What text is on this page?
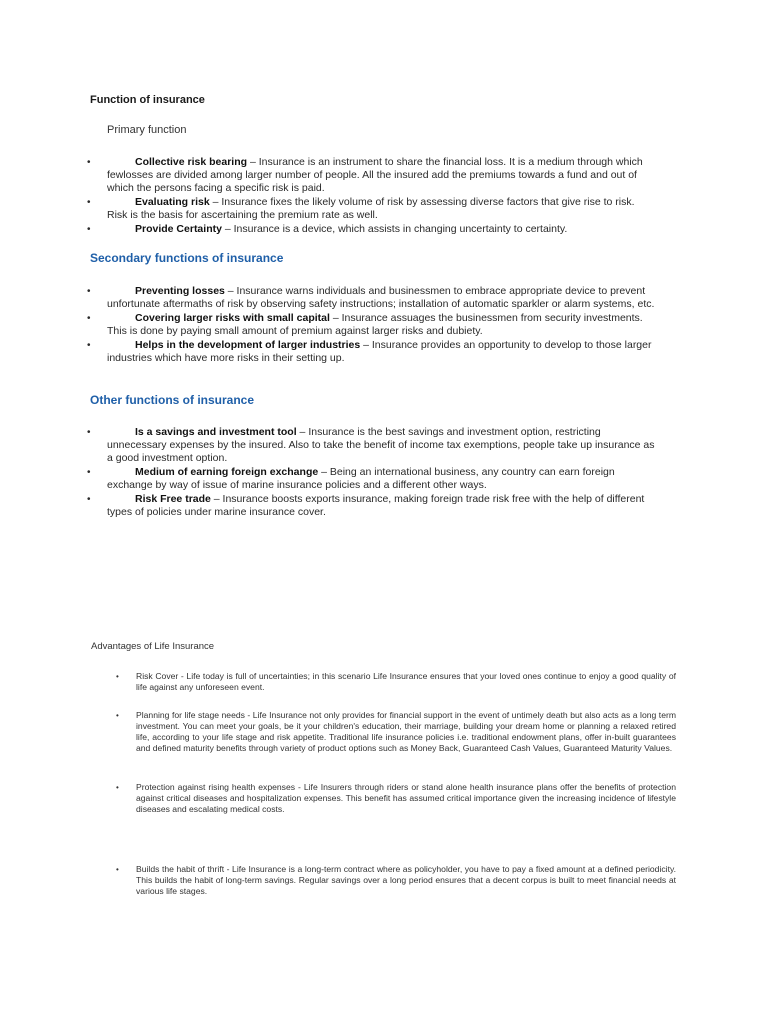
Function of insurance
Primary function
•	Collective risk bearing – Insurance is an instrument to share the financial loss. It is a medium through which fewlosses are divided among larger number of people. All the insured add the premiums towards a fund and out of which the persons facing a specific risk is paid.
•	Evaluating risk – Insurance fixes the likely volume of risk by assessing diverse factors that give rise to risk. Risk is the basis for ascertaining the premium rate as well.
•	Provide Certainty – Insurance is a device, which assists in changing uncertainty to certainty.
Secondary functions of insurance
•	Preventing losses – Insurance warns individuals and businessmen to embrace appropriate device to prevent unfortunate aftermaths of risk by observing safety instructions; installation of automatic sparkler or alarm systems, etc.
•	Covering larger risks with small capital – Insurance assuages the businessmen from security investments. This is done by paying small amount of premium against larger risks and dubiety.
•	Helps in the development of larger industries – Insurance provides an opportunity to develop to those larger industries which have more risks in their setting up.
Other functions of insurance
•	Is a savings and investment tool – Insurance is the best savings and investment option, restricting unnecessary expenses by the insured. Also to take the benefit of income tax exemptions, people take up insurance as a good investment option.
•	Medium of earning foreign exchange – Being an international business, any country can earn foreign exchange by way of issue of marine insurance policies and a different other ways.
•	Risk Free trade – Insurance boosts exports insurance, making foreign trade risk free with the help of different types of policies under marine insurance cover.
Advantages of Life Insurance
• Risk Cover - Life today is full of uncertainties; in this scenario Life Insurance ensures that your loved ones continue to enjoy a good quality of life against any unforeseen event.
• Planning for life stage needs - Life Insurance not only provides for financial support in the event of untimely death but also acts as a long term investment. You can meet your goals, be it your children's education, their marriage, building your dream home or planning a relaxed retired life, according to your life stage and risk appetite. Traditional life insurance policies i.e. traditional endowment plans, offer in-built guarantees and defined maturity benefits through variety of product options such as Money Back, Guaranteed Cash Values, Guaranteed Maturity Values.
• Protection against rising health expenses - Life Insurers through riders or stand alone health insurance plans offer the benefits of protection against critical diseases and hospitalization expenses. This benefit has assumed critical importance given the increasing incidence of lifestyle diseases and escalating medical costs.
• Builds the habit of thrift - Life Insurance is a long-term contract where as policyholder, you have to pay a fixed amount at a defined periodicity. This builds the habit of long-term savings. Regular savings over a long period ensures that a decent corpus is built to meet financial needs at various life stages.
